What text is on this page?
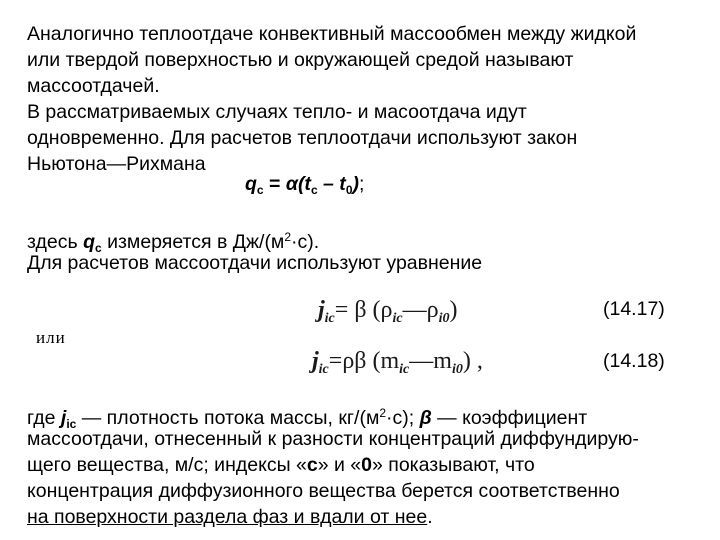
Аналогично теплоотдаче конвективный массообмен между жидкой
или твердой поверхностью и окружающей средой называют
массоотдачей.
В рассматриваемых случаях тепло- и масоотдача идут
одновременно. Для расчетов теплоотдачи используют закон
Ньютона—Рихмана
$q_c = \alpha(t_c - t_0)$;
здесь $q_c$ измеряется в $Дж/(м^2\cdot с)$.
Для расчетов массоотдачи используют уравнение
$j_{ic}= \beta$ $(\rho_{ic}—\rho_{i0})$	(14.17)
или
$j_{ic}=\rho\beta$ $(m_{ic}—m_{i0})$ ,	(14.18)
где $j_{ic}$ — плотность потока массы, $кг/(м^2\cdot с)$; β — коэффициент
массоотдачи, отнесенный к разности концентраций диффундирую-
щего вещества, м/с; индексы «с» и «0» показывают, что
концентрация диффузионного вещества берется соответственно
на поверхности раздела фаз и вдали от нее.
